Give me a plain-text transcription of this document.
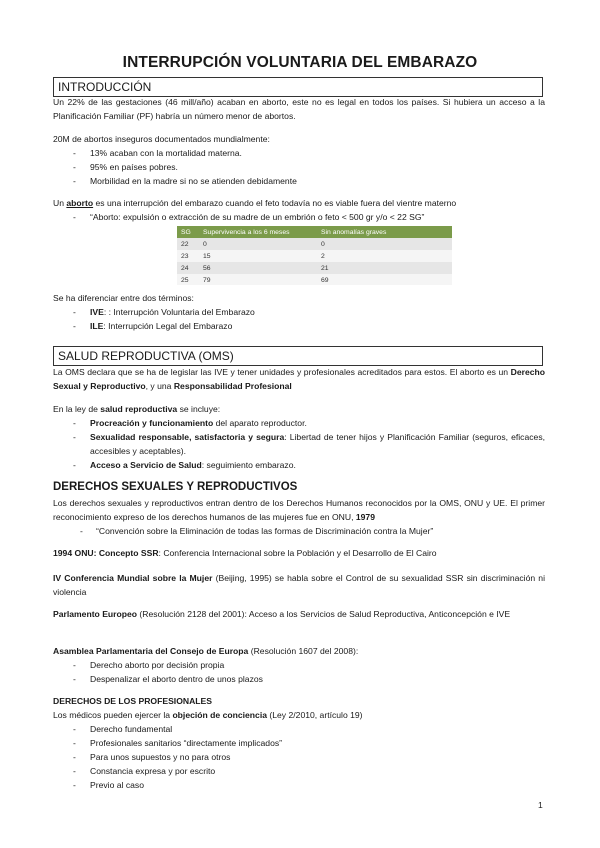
INTERRUPCIÓN VOLUNTARIA DEL EMBARAZO
INTRODUCCIÓN
Un 22% de las gestaciones (46 mill/año) acaban en aborto, este no es legal en todos los países. Si hubiera un acceso a la Planificación Familiar (PF) habría un número menor de abortos.
20M de abortos inseguros documentados mundialmente:
- 13% acaban con la mortalidad materna.
- 95% en países pobres.
- Morbilidad en la madre si no se atienden debidamente
Un aborto es una interrupción del embarazo cuando el feto todavía no es viable fuera del vientre materno
- “Aborto: expulsión o extracción de su madre de un embrión o feto < 500 gr y/o < 22 SG”
SG	Supervivencia a los 6 meses	Sin anomalías graves
22	0	0
23	15	2
24	56	21
25	79	69
Se ha diferenciar entre dos términos:
- IVE: : Interrupción Voluntaria del Embarazo
- ILE: Interrupción Legal del Embarazo
SALUD REPRODUCTIVA (OMS)
La OMS declara que se ha de legislar las IVE y tener unidades y profesionales acreditados para estos. El aborto es un Derecho Sexual y Reproductivo, y una Responsabilidad Profesional
En la ley de salud reproductiva se incluye:
- Procreación y funcionamiento del aparato reproductor.
- Sexualidad responsable, satisfactoria y segura: Libertad de tener hijos y Planificación Familiar (seguros, eficaces, accesibles y aceptables).
- Acceso a Servicio de Salud: seguimiento embarazo.
DERECHOS SEXUALES Y REPRODUCTIVOS
Los derechos sexuales y reproductivos entran dentro de los Derechos Humanos reconocidos por la OMS, ONU y UE. El primer reconocimiento expreso de los derechos humanos de las mujeres fue en ONU, 1979
- “Convención sobre la Eliminación de todas las formas de Discriminación contra la Mujer”
1994 ONU: Concepto SSR: Conferencia Internacional sobre la Población y el Desarrollo de El Cairo
IV Conferencia Mundial sobre la Mujer (Beijing, 1995) se habla sobre el Control de su sexualidad SSR sin discriminación ni violencia
Parlamento Europeo (Resolución 2128 del 2001): Acceso a los Servicios de Salud Reproductiva, Anticoncepción e IVE
Asamblea Parlamentaria del Consejo de Europa (Resolución 1607 del 2008):
- Derecho aborto por decisión propia
- Despenalizar el aborto dentro de unos plazos
DERECHOS DE LOS PROFESIONALES
Los médicos pueden ejercer la objeción de conciencia (Ley 2/2010, artículo 19)
- Derecho fundamental
- Profesionales sanitarios “directamente implicados”
- Para unos supuestos y no para otros
- Constancia expresa y por escrito
- Previo al caso
1
